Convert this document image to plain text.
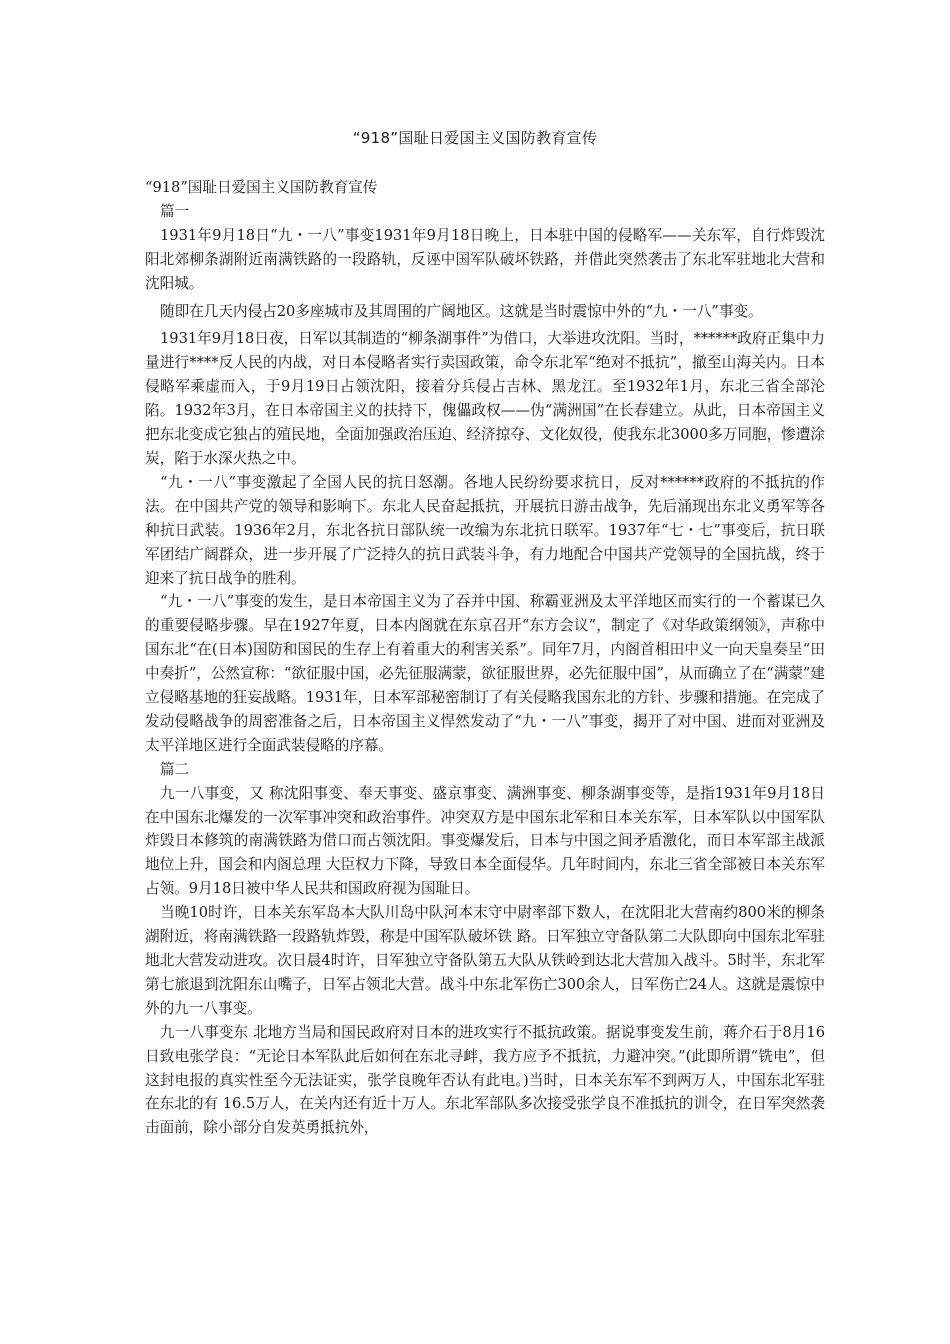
“918”国耻日爱国主义国防教育宣传

“918”国耻日爱国主义国防教育宣传

篇一

1931年9月18日“九・一八”事变1931年9月18日晚上，日本驻中国的侵略军——关东军，自行炸毁沈阳北郊柳条湖附近南满铁路的一段路轨，反诬中国军队破坏铁路，并借此突然袭击了东北军驻地北大营和沈阳城。

随即在几天内侵占20多座城市及其周围的广阔地区。这就是当时震惊中外的“九・一八”事变。

1931年9月18日夜，日军以其制造的“柳条湖事件”为借口，大举进攻沈阳。当时，******政府正集中力量进行****反人民的内战，对日本侵略者实行卖国政策，命令东北军“绝对不抵抗”，撤至山海关内。日本侵略军乘虚而入，于9月19日占领沈阳，接着分兵侵占吉林、黑龙江。至1932年1月，东北三省全部沦陷。1932年3月，在日本帝国主义的扶持下，傀儡政权——伪“满洲国”在长春建立。从此，日本帝国主义把东北变成它独占的殖民地，全面加强政治压迫、经济掠夺、文化奴役，使我东北3000多万同胞，惨遭涂炭，陷于水深火热之中。

“九・一八”事变激起了全国人民的抗日怒潮。各地人民纷纷要求抗日，反对******政府的不抵抗的作法。在中国共产党的领导和影响下。东北人民奋起抵抗，开展抗日游击战争，先后涌现出东北义勇军等各种抗日武装。1936年2月，东北各抗日部队统一改编为东北抗日联军。1937年“七・七”事变后，抗日联军团结广阔群众，进一步开展了广泛持久的抗日武装斗争，有力地配合中国共产党领导的全国抗战，终于迎来了抗日战争的胜利。

“九・一八”事变的发生，是日本帝国主义为了吞并中国、称霸亚洲及太平洋地区而实行的一个蓄谋已久的重要侵略步骤。早在1927年夏，日本内阁就在东京召开“东方会议”，制定了《对华政策纲领》，声称中国东北“在(日本)国防和国民的生存上有着重大的利害关系”。同年7月，内阁首相田中义一向天皇奏呈“田中奏折”，公然宣称：“欲征服中国，必先征服满蒙，欲征服世界，必先征服中国”，从而确立了在“满蒙”建立侵略基地的狂妄战略。1931年，日本军部秘密制订了有关侵略我国东北的方针、步骤和措施。在完成了发动侵略战争的周密准备之后，日本帝国主义悍然发动了“九・一八”事变，揭开了对中国、进而对亚洲及太平洋地区进行全面武装侵略的序幕。

篇二

九一八事变，又 称沈阳事变、奉天事变、盛京事变、满洲事变、柳条湖事变等，是指1931年9月18日在中国东北爆发的一次军事冲突和政治事件。冲突双方是中国东北军和日本关东军，日本军队以中国军队炸毁日本修筑的南满铁路为借口而占领沈阳。事变爆发后，日本与中国之间矛盾激化，而日本军部主战派地位上升，国会和内阁总理 大臣权力下降，导致日本全面侵华。几年时间内，东北三省全部被日本关东军占领。9月18日被中华人民共和国政府视为国耻日。

当晚10时许，日本关东军岛本大队川岛中队河本末守中尉率部下数人，在沈阳北大营南约800米的柳条湖附近，将南满铁路一段路轨炸毁，称是中国军队破坏铁 路。日军独立守备队第二大队即向中国东北军驻地北大营发动进攻。次日晨4时许，日军独立守备队第五大队从铁岭到达北大营加入战斗。5时半，东北军第七旅退到沈阳东山嘴子，日军占领北大营。战斗中东北军伤亡300余人，日军伤亡24人。这就是震惊中外的九一八事变。

九一八事变东 北地方当局和国民政府对日本的进攻实行不抵抗政策。据说事变发生前，蒋介石于8月16日致电张学良：“无论日本军队此后如何在东北寻衅，我方应予不抵抗，力避冲突。”(此即所谓“铣电”，但这封电报的真实性至今无法证实，张学良晚年否认有此电。)当时，日本关东军不到两万人，中国东北军驻在东北的有 16.5万人，在关内还有近十万人。东北军部队多次接受张学良不准抵抗的训令，在日军突然袭击面前，除小部分自发英勇抵抗外，
